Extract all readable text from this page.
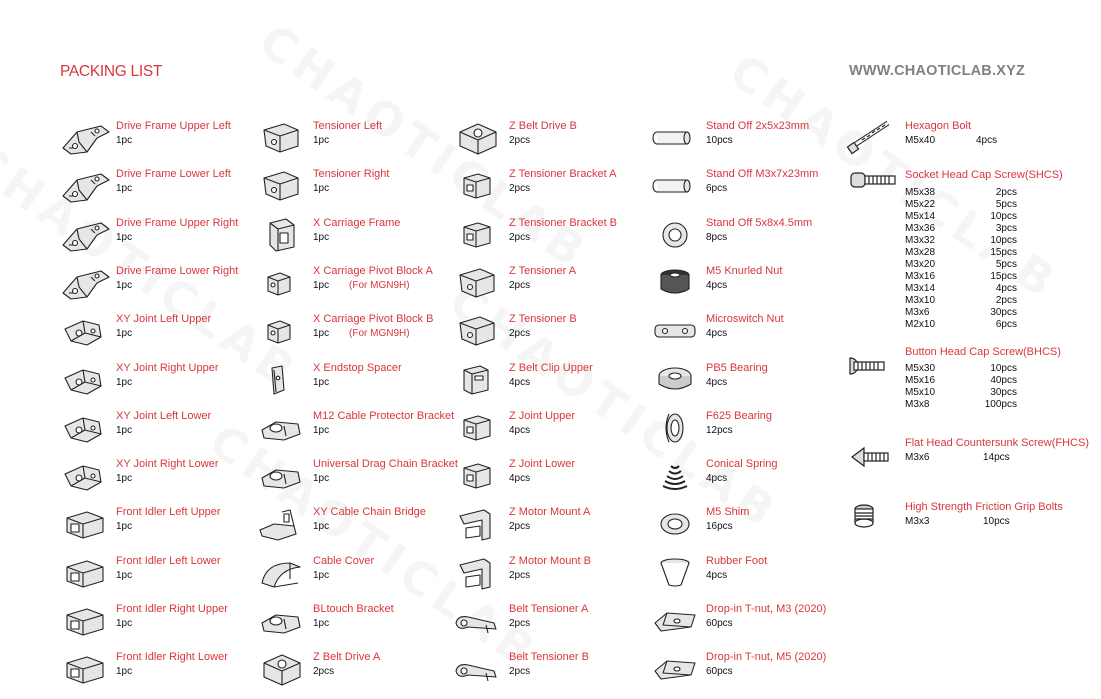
PACKING LIST	WWW.CHAOTICLAB.XYZ
Drive Frame Upper Left
1pc
Drive Frame Lower Left
1pc
Drive Frame Upper Right
1pc
Drive Frame Lower Right
1pc
XY Joint Left Upper
1pc
XY Joint Right Upper
1pc
XY Joint Left Lower
1pc
XY Joint Right Lower
1pc
Front Idler Left Upper
1pc
Front Idler Left Lower
1pc
Front Idler Right Upper
1pc
Front Idler Right Lower
1pc
Tensioner Left
1pc
Tensioner Right
1pc
X Carriage Frame
1pc
X Carriage Pivot Block A
1pc (For MGN9H)
X Carriage Pivot Block B
1pc (For MGN9H)
X Endstop Spacer
1pc
M12 Cable Protector Bracket
1pc
Universal Drag Chain Bracket
1pc
XY Cable Chain Bridge
1pc
Cable Cover
1pc
BLtouch Bracket
1pc
Z Belt Drive A
2pcs
Z Belt Drive B
2pcs
Z Tensioner Bracket A
2pcs
Z Tensioner Bracket B
2pcs
Z Tensioner A
2pcs
Z Tensioner B
2pcs
Z Belt Clip Upper
4pcs
Z Joint Upper
4pcs
Z Joint Lower
4pcs
Z Motor Mount A
2pcs
Z Motor Mount B
2pcs
Belt Tensioner A
2pcs
Belt Tensioner B
2pcs
Stand Off 2x5x23mm
10pcs
Stand Off M3x7x23mm
6pcs
Stand Off 5x8x4.5mm
8pcs
M5 Knurled Nut
4pcs
Microswitch Nut
4pcs
PB5 Bearing
4pcs
F625 Bearing
12pcs
Conical Spring
4pcs
M5 Shim
16pcs
Rubber Foot
4pcs
Drop-in T-nut, M3 (2020)
60pcs
Drop-in T-nut, M5 (2020)
60pcs
Hexagon Bolt
M5x40	4pcs
Socket Head Cap Screw(SHCS)
M5x38	2pcs
M5x22	5pcs
M5x14	10pcs
M3x36	3pcs
M3x32	10pcs
M3x28	15pcs
M3x20	5pcs
M3x16	15pcs
M3x14	4pcs
M3x10	2pcs
M3x6	30pcs
M2x10	6pcs
Button Head Cap Screw(BHCS)
M5x30	10pcs
M5x16	40pcs
M5x10	30pcs
M3x8	100pcs
Flat Head Countersunk Screw(FHCS)
M3x6	14pcs
High Strength Friction Grip Bolts
M3x3	10pcs
